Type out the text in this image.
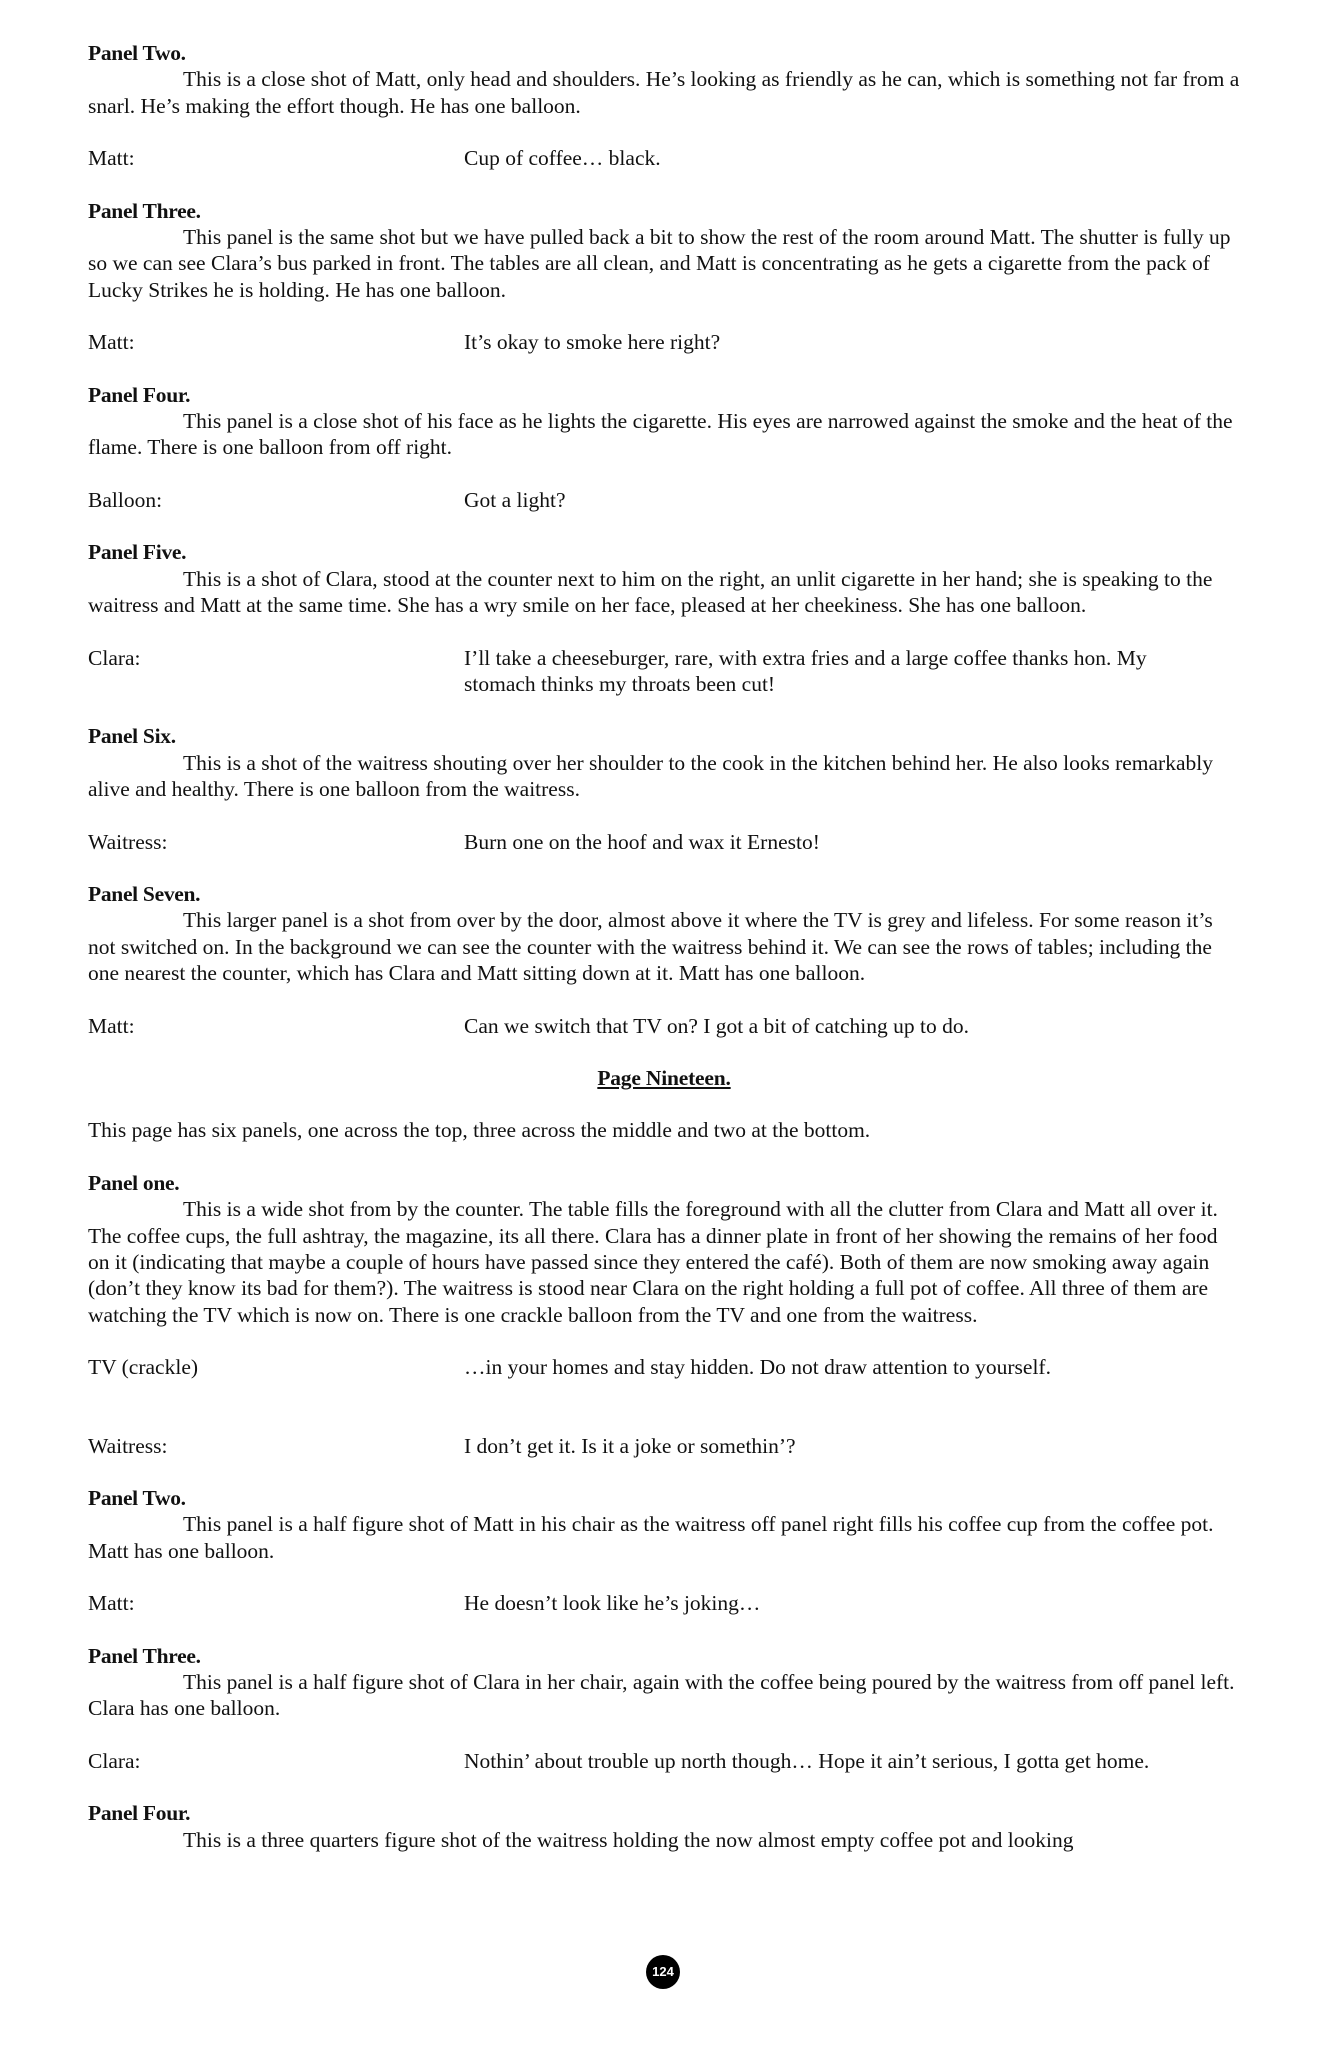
Panel Two.

This is a close shot of Matt, only head and shoulders. He’s looking as friendly as he can, which is something not far from a snarl. He’s making the effort though. He has one balloon.

Matt:	Cup of coffee… black.
Panel Three.

This panel is the same shot but we have pulled back a bit to show the rest of the room around Matt. The shutter is fully up so we can see Clara’s bus parked in front. The tables are all clean, and Matt is concentrating as he gets a cigarette from the pack of Lucky Strikes he is holding. He has one balloon.

Matt:	It’s okay to smoke here right?
Panel Four.

This panel is a close shot of his face as he lights the cigarette. His eyes are narrowed against the smoke and the heat of the flame. There is one balloon from off right.

Balloon:	Got a light?
Panel Five.

This is a shot of Clara, stood at the counter next to him on the right, an unlit cigarette in her hand; she is speaking to the waitress and Matt at the same time. She has a wry smile on her face, pleased at her cheekiness. She has one balloon.

Clara:	I’ll take a cheeseburger, rare, with extra fries and a large coffee thanks hon. My stomach thinks my throats been cut!
Panel Six.

This is a shot of the waitress shouting over her shoulder to the cook in the kitchen behind her. He also looks remarkably alive and healthy. There is one balloon from the waitress.

Waitress:	Burn one on the hoof and wax it Ernesto!
Panel Seven.

This larger panel is a shot from over by the door, almost above it where the TV is grey and lifeless. For some reason it’s not switched on. In the background we can see the counter with the waitress behind it. We can see the rows of tables; including the one nearest the counter, which has Clara and Matt sitting down at it. Matt has one balloon.

Matt:	Can we switch that TV on? I got a bit of catching up to do.
Page Nineteen.
This page has six panels, one across the top, three across the middle and two at the bottom.
Panel one.

This is a wide shot from by the counter. The table fills the foreground with all the clutter from Clara and Matt all over it. The coffee cups, the full ashtray, the magazine, its all there. Clara has a dinner plate in front of her showing the remains of her food on it (indicating that maybe a couple of hours have passed since they entered the café). Both of them are now smoking away again (don’t they know its bad for them?). The waitress is stood near Clara on the right holding a full pot of coffee. All three of them are watching the TV which is now on. There is one crackle balloon from the TV and one from the waitress.

TV (crackle)	…in your homes and stay hidden. Do not draw attention to yourself.
Waitress:	I don’t get it. Is it a joke or somethin’?
Panel Two.

This panel is a half figure shot of Matt in his chair as the waitress off panel right fills his coffee cup from the coffee pot. Matt has one balloon.

Matt:	He doesn’t look like he’s joking…
Panel Three.

This panel is a half figure shot of Clara in her chair, again with the coffee being poured by the waitress from off panel left. Clara has one balloon.

Clara:	Nothin’ about trouble up north though… Hope it ain’t serious, I gotta get home.
Panel Four.

This is a three quarters figure shot of the waitress holding the now almost empty coffee pot and looking

124
